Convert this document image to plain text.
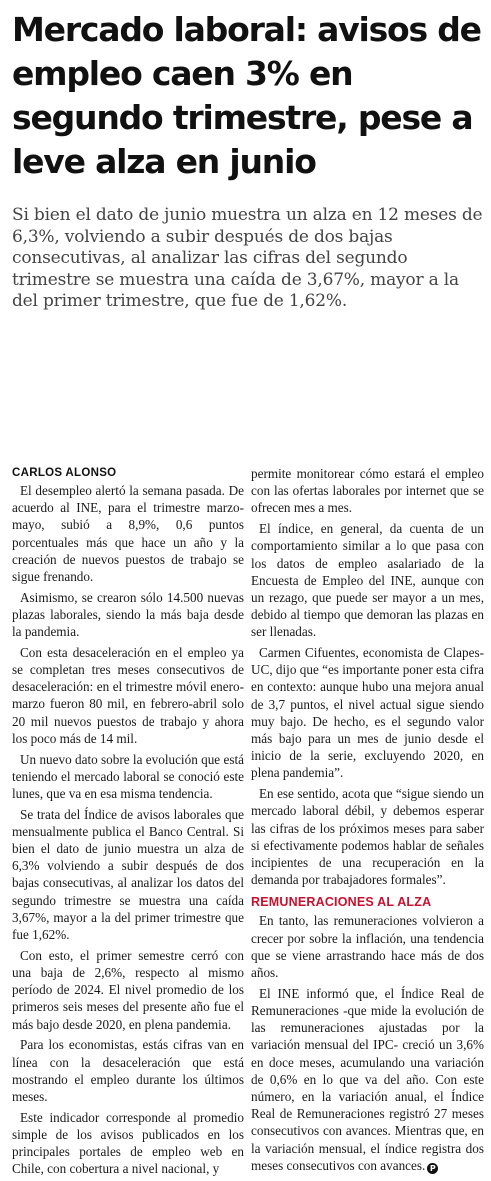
Mercado laboral: avisos de empleo caen 3% en segundo trimestre, pese a leve alza en junio

Si bien el dato de junio muestra un alza en 12 meses de 6,3%, volviendo a subir después de dos bajas consecutivas, al analizar las cifras del segundo trimestre se muestra una caída de 3,67%, mayor a la del primer trimestre, que fue de 1,62%.

CARLOS ALONSO

El desempleo alertó la semana pasada. De acuerdo al INE, para el trimestre marzo-mayo, subió a 8,9%, 0,6 puntos porcentuales más que hace un año y la creación de nuevos puestos de trabajo se sigue frenando.

Asimismo, se crearon sólo 14.500 nuevas plazas laborales, siendo la más baja desde la pandemia.

Con esta desaceleración en el empleo ya se completan tres meses consecutivos de desaceleración: en el trimestre móvil enero-marzo fueron 80 mil, en febrero-abril solo 20 mil nuevos puestos de trabajo y ahora los poco más de 14 mil.

Un nuevo dato sobre la evolución que está teniendo el mercado laboral se conoció este lunes, que va en esa misma tendencia.

Se trata del Índice de avisos laborales que mensualmente publica el Banco Central. Si bien el dato de junio muestra un alza de 6,3% volviendo a subir después de dos bajas consecutivas, al analizar los datos del segundo trimestre se muestra una caída 3,67%, mayor a la del primer trimestre que fue 1,62%.

Con esto, el primer semestre cerró con una baja de 2,6%, respecto al mismo período de 2024. El nivel promedio de los primeros seis meses del presente año fue el más bajo desde 2020, en plena pandemia.

Para los economistas, estás cifras van en línea con la desaceleración que está mostrando el empleo durante los últimos meses.

Este indicador corresponde al promedio simple de los avisos publicados en los principales portales de empleo web en Chile, con cobertura a nivel nacional, y

permite monitorear cómo estará el empleo con las ofertas laborales por internet que se ofrecen mes a mes.

El índice, en general, da cuenta de un comportamiento similar a lo que pasa con los datos de empleo asalariado de la Encuesta de Empleo del INE, aunque con un rezago, que puede ser mayor a un mes, debido al tiempo que demoran las plazas en ser llenadas.

Carmen Cifuentes, economista de Clapes-UC, dijo que “es importante poner esta cifra en contexto: aunque hubo una mejora anual de 3,7 puntos, el nivel actual sigue siendo muy bajo. De hecho, es el segundo valor más bajo para un mes de junio desde el inicio de la serie, excluyendo 2020, en plena pandemia”.

En ese sentido, acota que “sigue siendo un mercado laboral débil, y debemos esperar las cifras de los próximos meses para saber si efectivamente podemos hablar de señales incipientes de una recuperación en la demanda por trabajadores formales”.

REMUNERACIONES AL ALZA

En tanto, las remuneraciones volvieron a crecer por sobre la inflación, una tendencia que se viene arrastrando hace más de dos años.

El INE informó que, el Índice Real de Remuneraciones -que mide la evolución de las remuneraciones ajustadas por la variación mensual del IPC- creció un 3,6% en doce meses, acumulando una variación de 0,6% en lo que va del año. Con este número, en la variación anual, el Índice Real de Remuneraciones registró 27 meses consecutivos con avances. Mientras que, en la variación mensual, el índice registra dos meses consecutivos con avances. P
